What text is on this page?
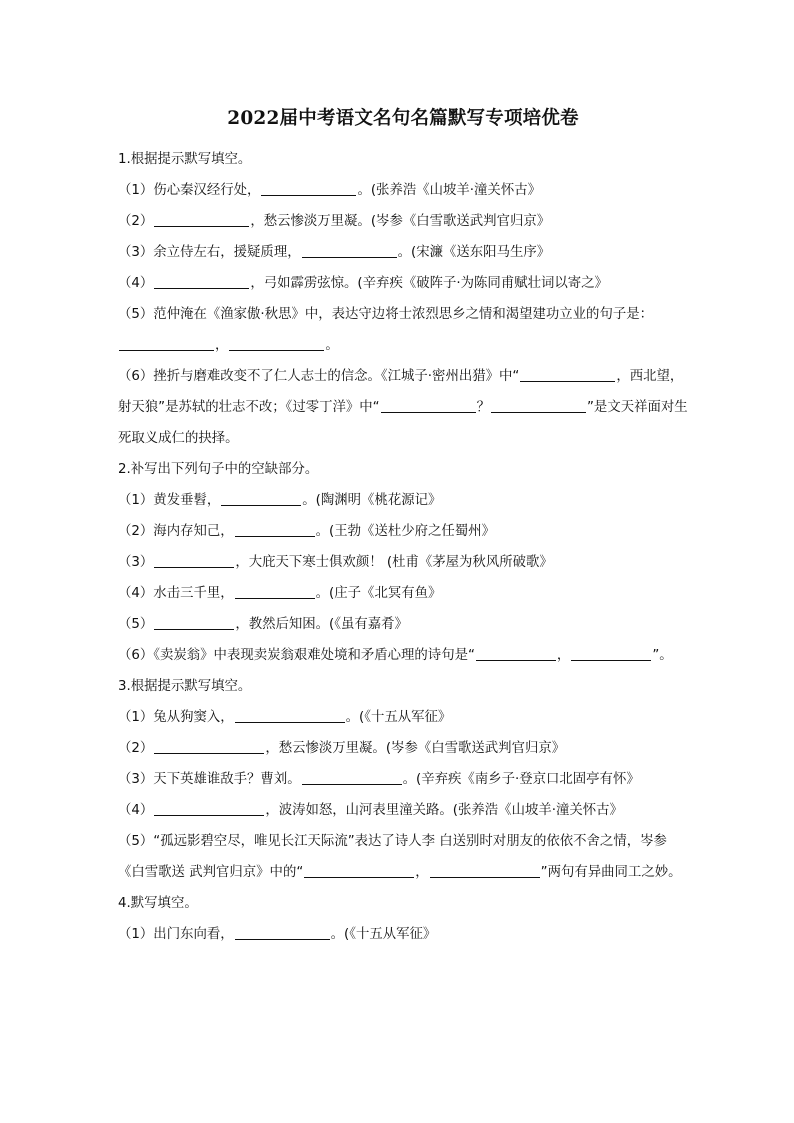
2022届中考语文名句名篇默写专项培优卷
1.根据提示默写填空。
（1）伤心秦汉经行处，	。(张养浩《山坡羊·潼关怀古》
（2）	，愁云惨淡万里凝。(岑参《白雪歌送武判官归京》
（3）余立侍左右，援疑质理，	。(宋濂《送东阳马生序》
（4）	，弓如霹雳弦惊。(辛弃疾《破阵子·为陈同甫赋壮词以寄之》
（5）范仲淹在《渔家傲·秋思》中，表达守边将士浓烈思乡之情和渴望建功立业的句子是：
，	。
（6）挫折与磨难改变不了仁人志士的信念。《江城子·密州出猎》中“	，西北望，射天狼”是苏轼的壮志不改；《过零丁洋》中“	？	”是文天祥面对生死取义成仁的抉择。
2.补写出下列句子中的空缺部分。
（1）黄发垂髫，	。(陶渊明《桃花源记》
（2）海内存知己，	。(王勃《送杜少府之任蜀州》
（3）	，大庇天下寒士俱欢颜！ (杜甫《茅屋为秋风所破歌》
（4）水击三千里，	。(庄子《北冥有鱼》
（5）	，教然后知困。(《虽有嘉肴》
（6）《卖炭翁》中表现卖炭翁艰难处境和矛盾心理的诗句是“	，	”。
3.根据提示默写填空。
（1）兔从狗窦入，	。(《十五从军征》
（2）	，愁云惨淡万里凝。(岑参《白雪歌送武判官归京》
（3）天下英雄谁敌手？曹刘。	。(辛弃疾《南乡子·登京口北固亭有怀》
（4）	，波涛如怒，山河表里潼关路。(张养浩《山坡羊·潼关怀古》
（5）“孤远影碧空尽，唯见长江天际流”表达了诗人李 白送别时对朋友的依依不舍之情，岑参《白雪歌送 武判官归京》中的“	，	”两句有异曲同工之妙。
4.默写填空。
（1）出门东向看，	。(《十五从军征》
